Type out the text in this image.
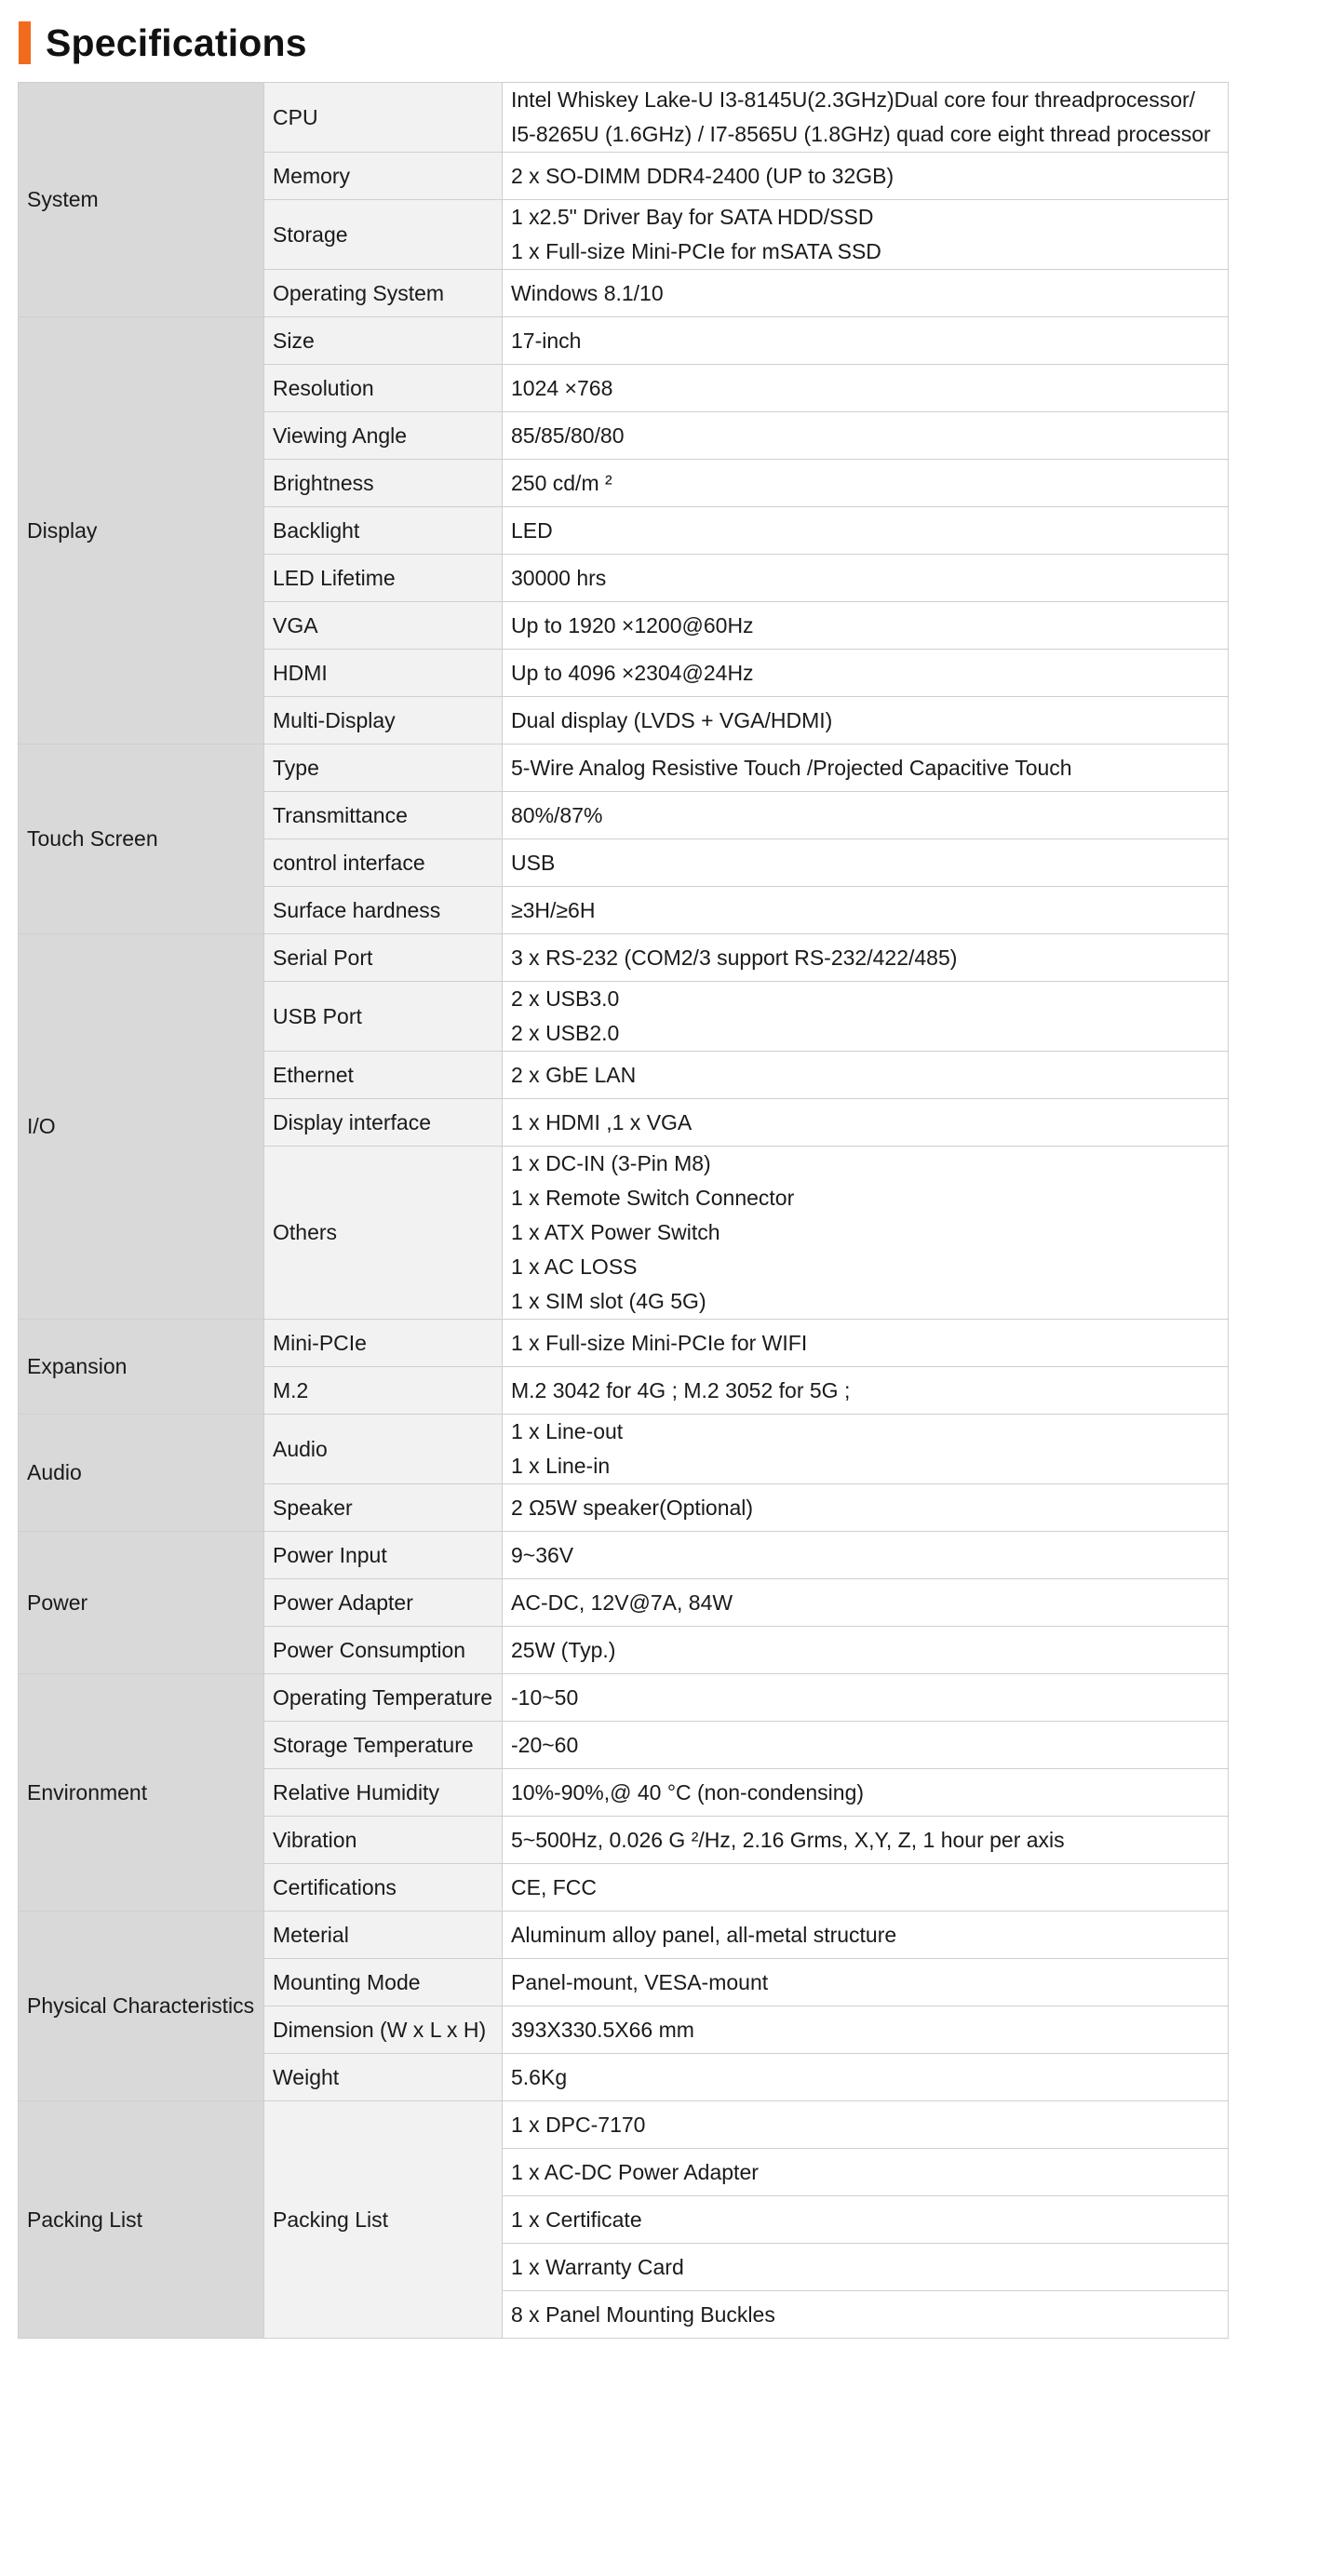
Specifications
System	CPU	Intel Whiskey Lake-U I3-8145U(2.3GHz)Dual core four threadprocessor/
I5-8265U (1.6GHz) / I7-8565U (1.8GHz) quad core eight thread processor

	Memory	2 x SO-DIMM DDR4-2400 (UP to 32GB)

	Storage	1 x2.5" Driver Bay for SATA HDD/SSD
1 x Full-size Mini-PCIe for mSATA SSD

	Operating System	Windows 8.1/10

Display	Size	17-inch

	Resolution	1024 ×768

	Viewing Angle	85/85/80/80

	Brightness	250 cd/m ²

	Backlight	LED

	LED Lifetime	30000 hrs

	VGA	Up to 1920 ×1200@60Hz

	HDMI	Up to 4096 ×2304@24Hz

	Multi-Display	Dual display (LVDS + VGA/HDMI)

Touch Screen	Type	5-Wire Analog Resistive Touch /Projected Capacitive Touch

	Transmittance	80%/87%

	control interface	USB

	Surface hardness	≥3H/≥6H

I/O	Serial Port	3 x RS-232 (COM2/3 support RS-232/422/485)

	USB Port	2 x USB3.0
2 x USB2.0

	Ethernet	2 x GbE LAN

	Display interface	1 x HDMI ,1 x VGA

	Others	1 x DC-IN (3-Pin M8)
1 x Remote Switch Connector
1 x ATX Power Switch
1 x AC LOSS
1 x SIM slot (4G 5G)

Expansion	Mini-PCIe	1 x Full-size Mini-PCIe for WIFI

	M.2	M.2 3042 for 4G ; M.2 3052 for 5G ;

Audio	Audio	1 x Line-out
1 x Line-in

	Speaker	2 Ω5W speaker(Optional)

Power	Power Input	9~36V

	Power Adapter	AC-DC, 12V@7A, 84W

	Power Consumption	25W (Typ.)

Environment	Operating Temperature	-10~50

	Storage Temperature	-20~60

	Relative Humidity	10%-90%,@ 40 °C (non-condensing)

	Vibration	5~500Hz, 0.026 G ²/Hz, 2.16 Grms, X,Y, Z, 1 hour per axis

	Certifications	CE, FCC

Physical Characteristics	Meterial	Aluminum alloy panel, all-metal structure

	Mounting Mode	Panel-mount, VESA-mount

	Dimension (W x L x H)	393X330.5X66 mm

	Weight	5.6Kg

Packing List	Packing List	1 x DPC-7170
		1 x AC-DC Power Adapter
		1 x Certificate
		1 x Warranty Card
		8 x Panel Mounting Buckles
